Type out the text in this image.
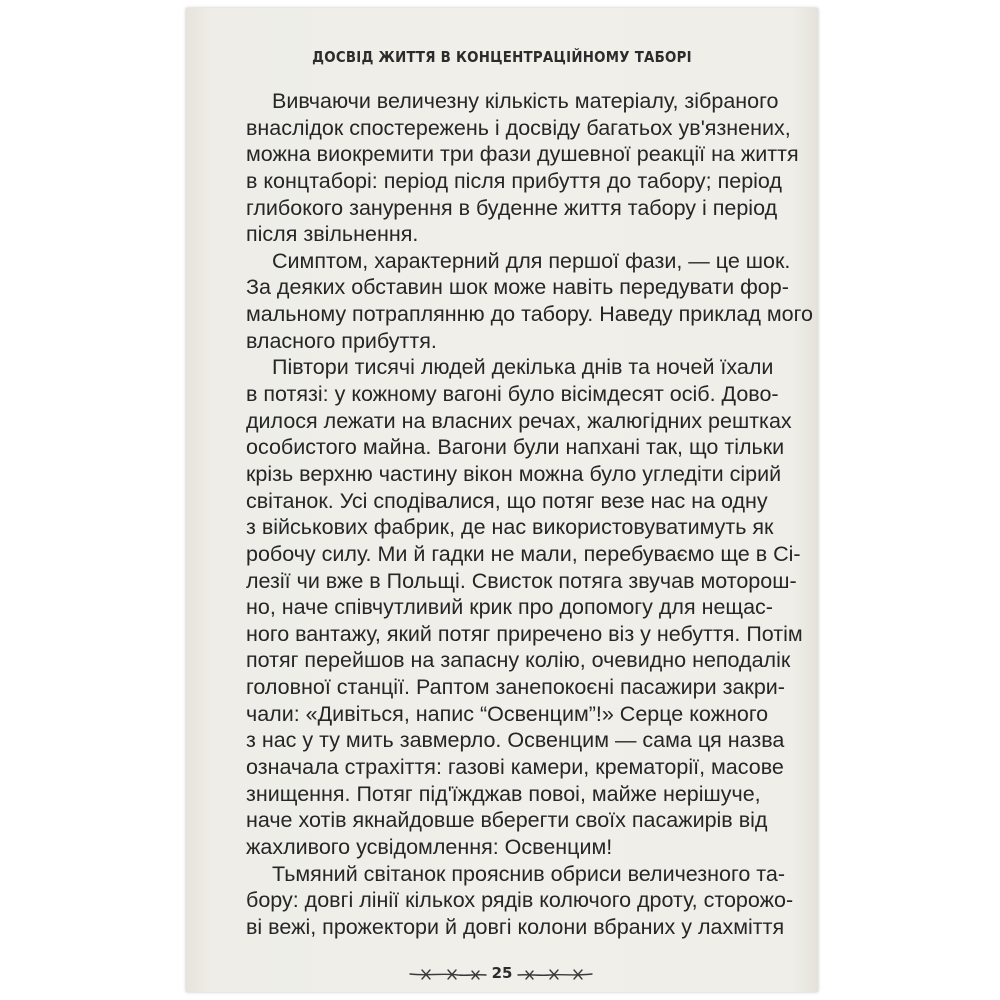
ДОСВІД ЖИТТЯ В КОНЦЕНТРАЦІЙНОМУ ТАБОРІ
Вивчаючи величезну кількість матеріалу, зібраного
внаслідок спостережень і досвіду багатьох ув'язнених,
можна виокремити три фази душевної реакції на життя
в концтаборі: період після прибуття до табору; період
глибокого занурення в буденне життя табору і період
після звільнення.
Симптом, характерний для першої фази, — це шок.
За деяких обставин шок може навіть передувати фор-
мальному потраплянню до табору. Наведу приклад мого
власного прибуття.
Півтори тисячі людей декілька днів та ночей їхали
в потязі: у кожному вагоні було вісімдесят осіб. Дово-
дилося лежати на власних речах, жалюгідних рештках
особистого майна. Вагони були напхані так, що тільки
крізь верхню частину вікон можна було угледіти сірий
світанок. Усі сподівалися, що потяг везе нас на одну
з військових фабрик, де нас використовуватимуть як
робочу силу. Ми й гадки не мали, перебуваємо ще в Сі-
лезії чи вже в Польщі. Свисток потяга звучав моторош-
но, наче співчутливий крик про допомогу для нещас-
ного вантажу, який потяг приречено віз у небуття. Потім
потяг перейшов на запасну колію, очевидно неподалік
головної станції. Раптом занепокоєні пасажири закри-
чали: «Дивіться, напис “Освенцим”!» Серце кожного
з нас у ту мить завмерло. Освенцим — сама ця назва
означала страхіття: газові камери, крематорії, масове
знищення. Потяг під'їжджав повоі, майже нерішуче,
наче хотів якнайдовше вберегти своїх пасажирів від
жахливого усвідомлення: Освенцим!
Тьмяний світанок прояснив обриси величезного та-
бору: довгі лінії кількох рядів колючого дроту, сторожо-
ві вежі, прожектори й довгі колони вбраних у лахміття
25
